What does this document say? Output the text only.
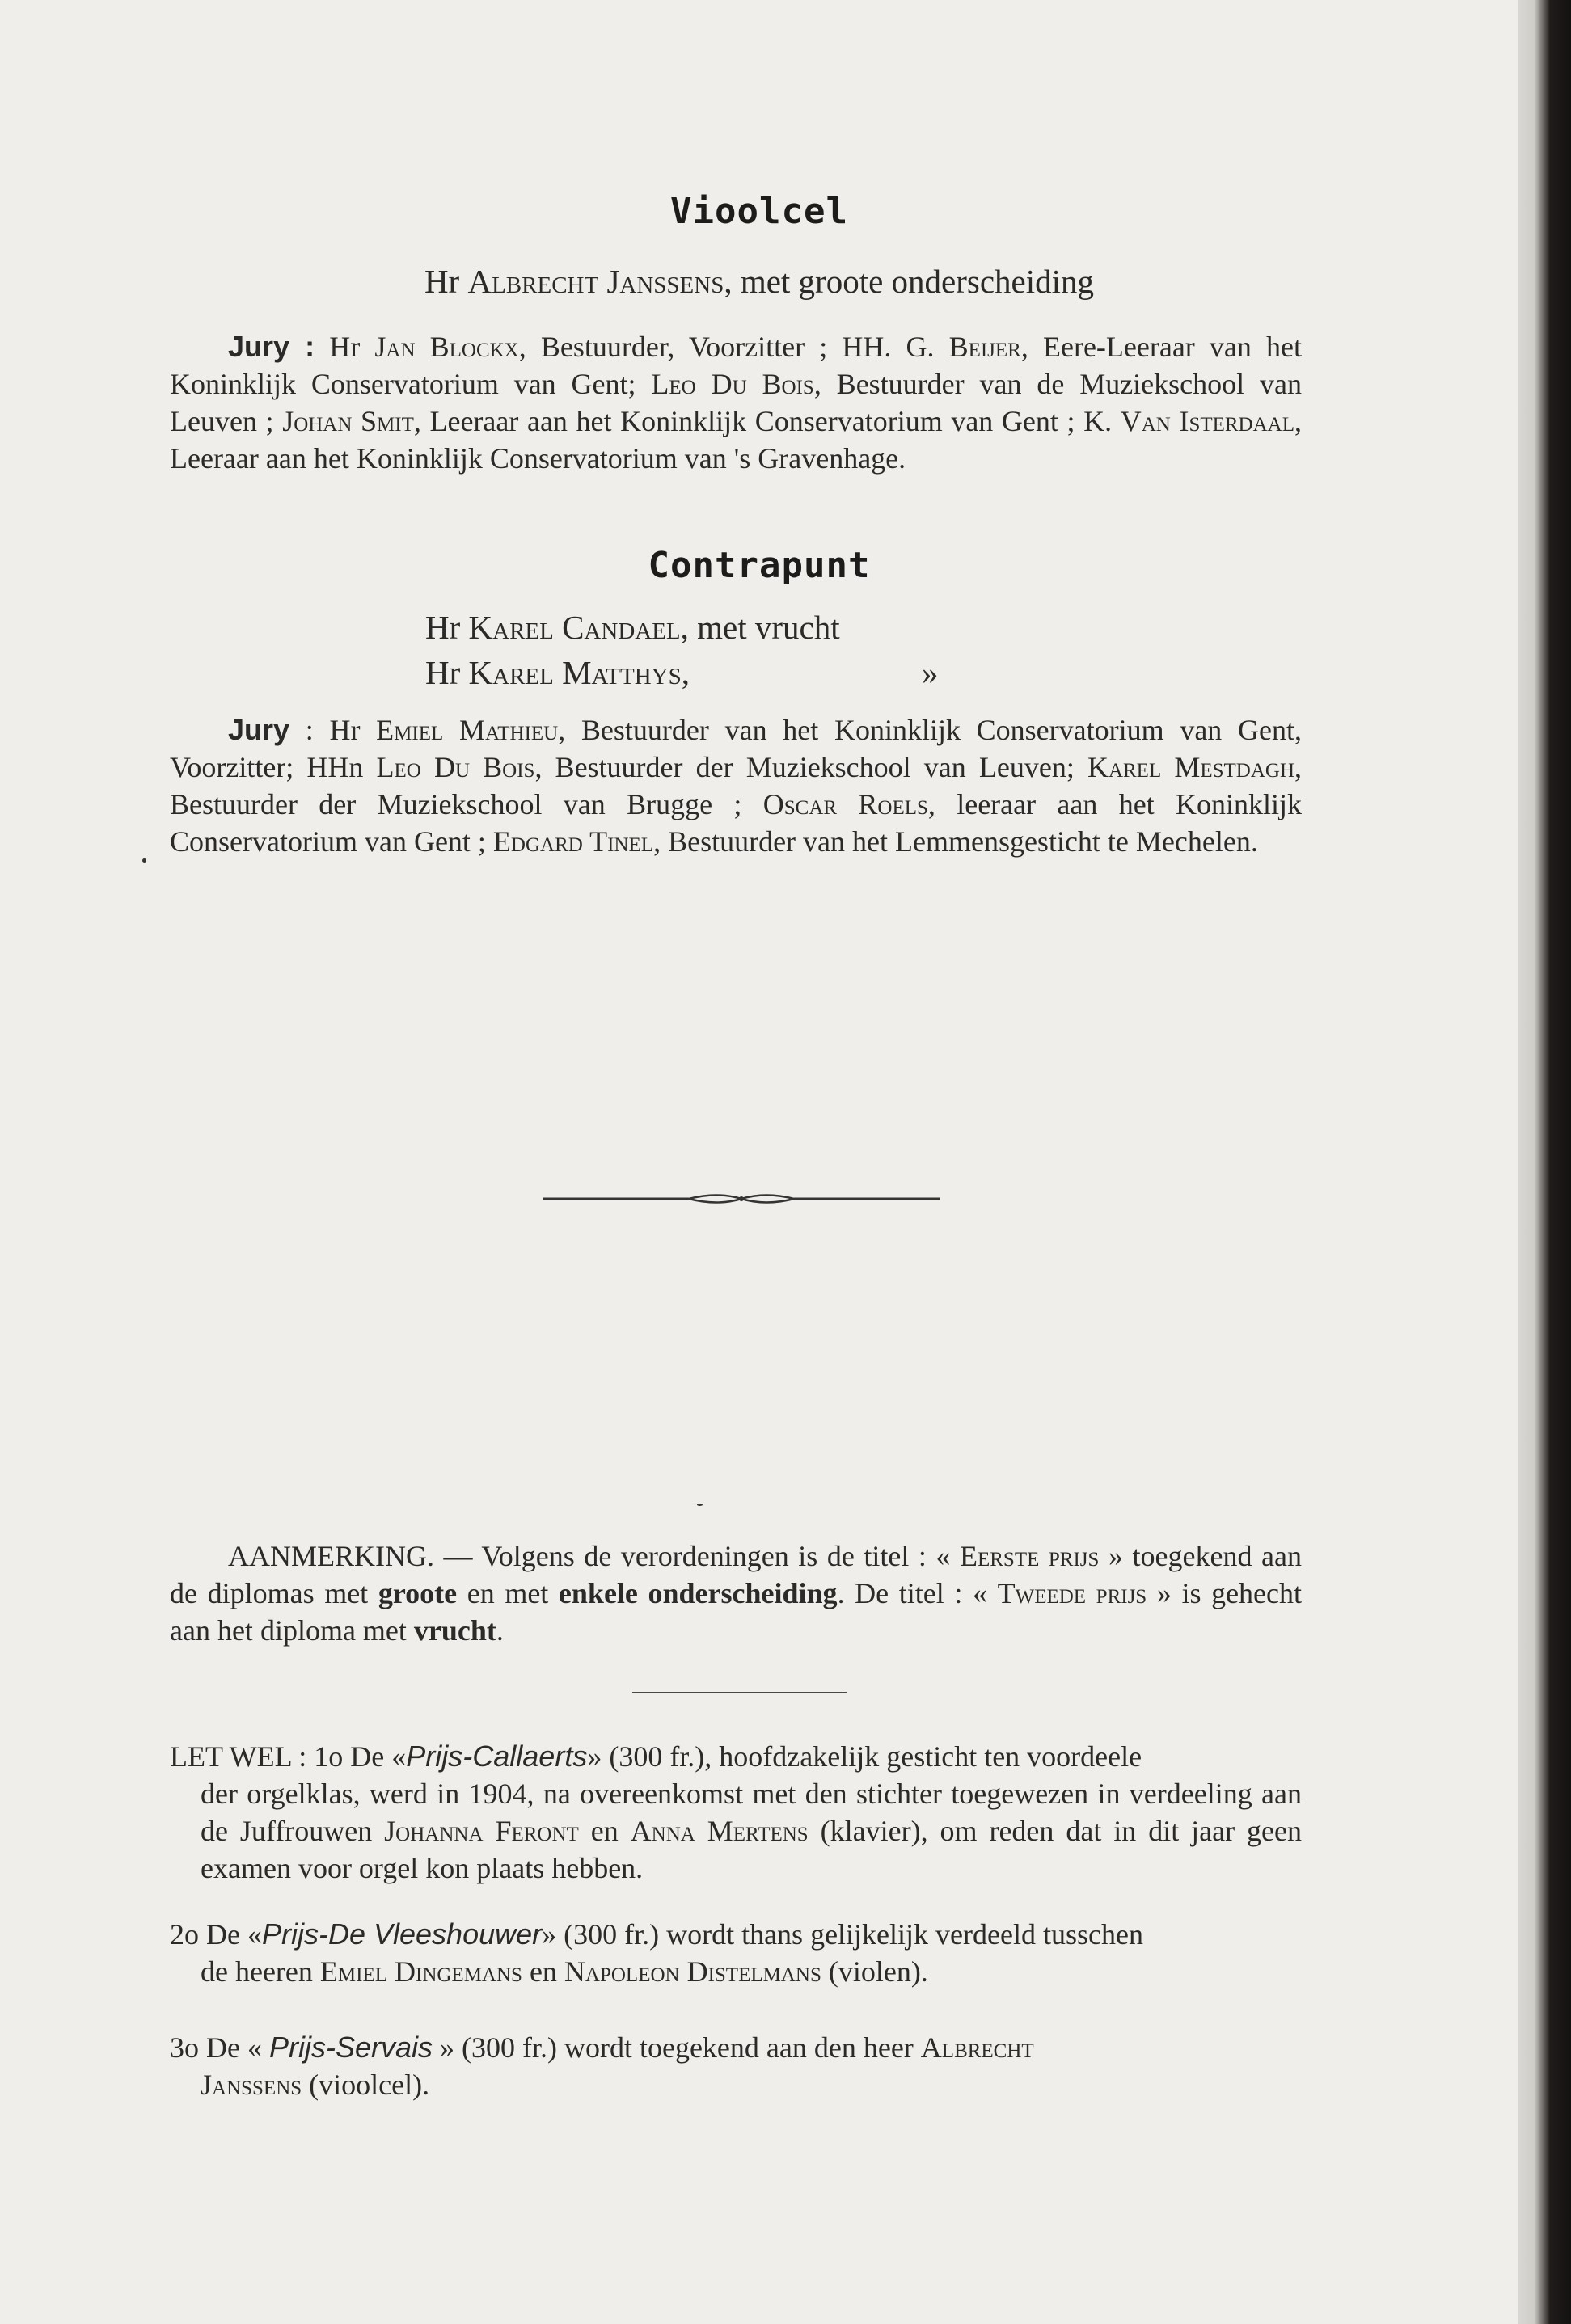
Vioolcel
Hr Albrecht Janssens, met groote onderscheiding
Jury : Hr Jan Blockx, Bestuurder, Voorzitter ; HH. G. Beijer, Eere-Leeraar van het Koninklijk Conservatorium van Gent; Leo Du Bois, Bestuurder van de Muziekschool van Leuven ; Johan Smit, Leeraar aan het Koninklijk Conservatorium van Gent ; K. Van Isterdaal, Leeraar aan het Koninklijk Conservatorium van 's Gravenhage.
Contrapunt
Hr Karel Candael, met vrucht
Hr Karel Matthys,	»
Jury : Hr Emiel Mathieu, Bestuurder van het Koninklijk Conservatorium van Gent, Voorzitter; HHn Leo Du Bois, Bestuurder der Muziekschool van Leuven; Karel Mestdagh, Bestuurder der Muziekschool van Brugge ; Oscar Roels, leeraar aan het Koninklijk Conservatorium van Gent ; Edgard Tinel, Bestuurder van het Lemmensgesticht te Mechelen.
AANMERKING. — Volgens de verordeningen is de titel : « Eerste prijs » toegekend aan de diplomas met groote en met enkele onderscheiding. De titel : « Tweede prijs » is gehecht aan het diploma met vrucht.
LET WEL : 1o De «Prijs-Callaerts» (300 fr.), hoofdzakelijk gesticht ten voordeele
der orgelklas, werd in 1904, na overeenkomst met den stichter toegewezen in verdeeling aan de Juffrouwen Johanna Feront en Anna Mertens (klavier), om reden dat in dit jaar geen examen voor orgel kon plaats hebben.
2o De «Prijs-De Vleeshouwer» (300 fr.) wordt thans gelijkelijk verdeeld tusschen
de heeren Emiel Dingemans en Napoleon Distelmans (violen).
3o De « Prijs-Servais » (300 fr.) wordt toegekend aan den heer Albrecht
Janssens (vioolcel).
